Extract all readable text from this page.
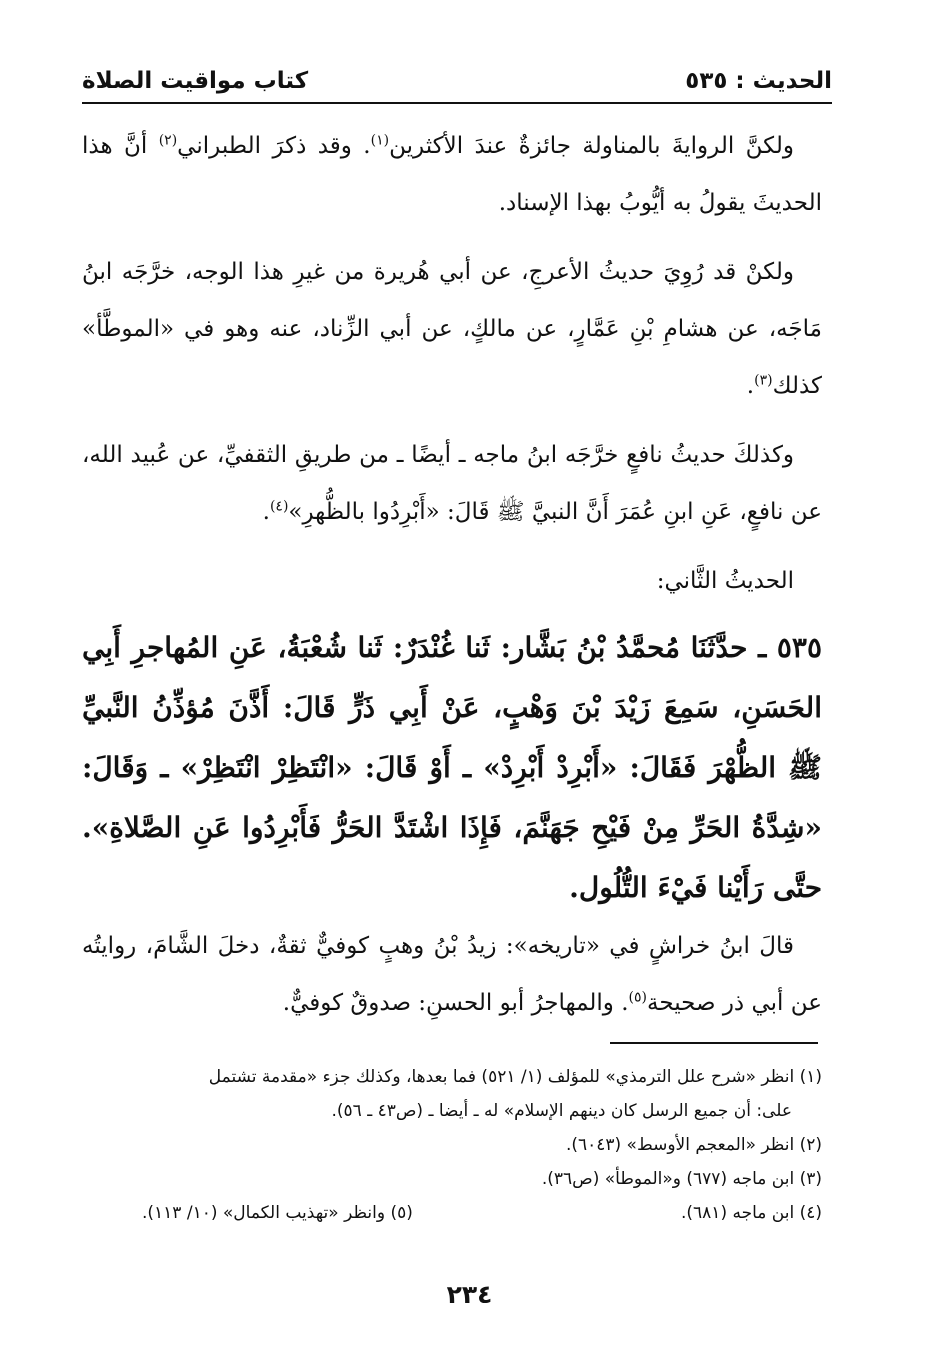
الحديث : ٥٣٥
كتاب مواقيت الصلاة

ولكنَّ الروايةَ بالمناولة جائزةٌ عندَ الأكثرين$^{(١)}$. وقد ذكرَ الطبراني$^{(٢)}$ أنَّ هذا الحديثَ يقولُ به أيُّوبُ بهذا الإسناد.

ولكنْ قد رُوِيَ حديثُ الأعرجِ، عن أبي هُريرة من غيرِ هذا الوجه، خرَّجَه ابنُ مَاجَه، عن هشامِ بْنِ عَمَّارٍ، عن مالكٍ، عن أبي الزِّناد، عنه وهو في «الموطَّأ» كذلك$^{(٣)}$.

وكذلكَ حديثُ نافعٍ خرَّجَه ابنُ ماجه ـ أيضًا ـ من طريقِ الثقفيِّ، عن عُبيد الله، عن نافعٍ، عَنِ ابنِ عُمَرَ أَنَّ النبيَّ ﷺ قَالَ: «أَبْرِدُوا بالظُّهرِ»$^{(٤)}$.

الحديثُ الثَّاني:

٥٣٥ ـ حدَّثَنَا مُحمَّدُ بْنُ بَشَّار: ثَنا غُنْدَرٌ: ثَنا شُعْبَةُ، عَنِ المُهاجرِ أَبِي الحَسَنِ، سَمِعَ زَيْدَ بْنَ وَهْبٍ، عَنْ أَبِي ذَرٍّ قَالَ: أَذَّنَ مُؤذِّنُ النَّبيِّ ﷺ الظُّهْرَ فَقَالَ: «أَبْرِدْ أَبْرِدْ» ـ أَوْ قَالَ: «انْتَظِرْ انْتَظِرْ» ـ وَقَالَ: «شِدَّةُ الحَرِّ مِنْ فَيْحِ جَهَنَّمَ، فَإِذَا اشْتَدَّ الحَرُّ فَأَبْرِدُوا عَنِ الصَّلاةِ». حتَّى رَأَيْنا فَيْءَ التُّلُول.

قالَ ابنُ خراشٍ في «تاريخه»: زيدُ بْنُ وهبٍ كوفيٌّ ثقةٌ، دخلَ الشَّامَ، روايتُه عن أبي ذر صحيحة$^{(٥)}$. والمهاجرُ أبو الحسنِ: صدوقٌ كوفيٌّ.

(١) انظر «شرح علل الترمذي» للمؤلف (١/ ٥٢١) فما بعدها، وكذلك جزء «مقدمة تشتمل

على: أن جميع الرسل كان دينهم الإسلام» له ـ أيضا ـ (ص٤٣ ـ ٥٦).

(٢) انظر «المعجم الأوسط» (٦٠٤٣).

(٣) ابن ماجه (٦٧٧) و«الموطأ» (ص٣٦).

(٤) ابن ماجه (٦٨١).
(٥) وانظر «تهذيب الكمال» (١٠/ ١١٣).
٢٣٤
